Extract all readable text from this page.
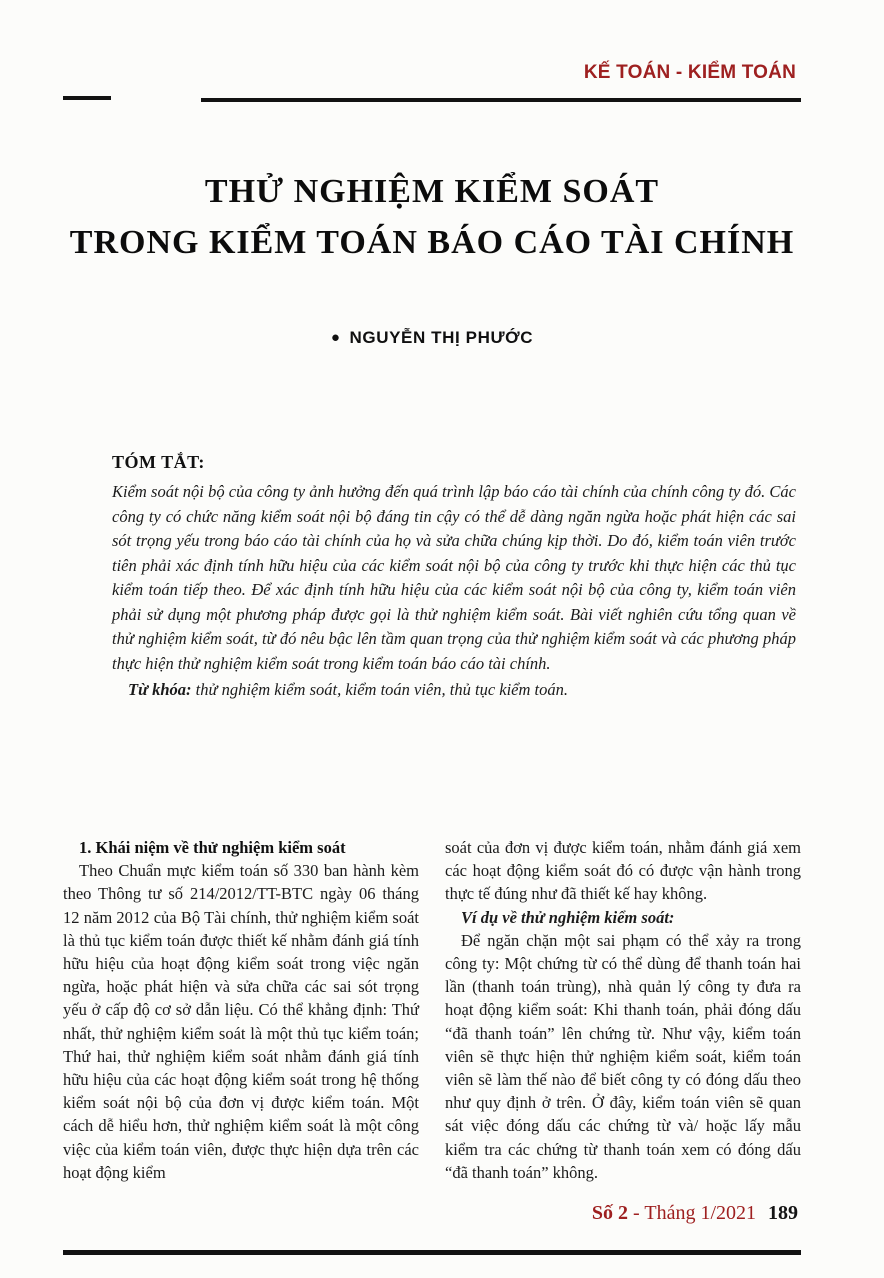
KẾ TOÁN - KIỂM TOÁN
THỬ NGHIỆM KIỂM SOÁT
TRONG KIỂM TOÁN BÁO CÁO TÀI CHÍNH
● NGUYỄN THỊ PHƯỚC
TÓM TẮT:

Kiểm soát nội bộ của công ty ảnh hưởng đến quá trình lập báo cáo tài chính của chính công ty đó. Các công ty có chức năng kiểm soát nội bộ đáng tin cậy có thể dễ dàng ngăn ngừa hoặc phát hiện các sai sót trọng yếu trong báo cáo tài chính của họ và sửa chữa chúng kịp thời. Do đó, kiểm toán viên trước tiên phải xác định tính hữu hiệu của các kiểm soát nội bộ của công ty trước khi thực hiện các thủ tục kiểm toán tiếp theo. Để xác định tính hữu hiệu của các kiểm soát nội bộ của công ty, kiểm toán viên phải sử dụng một phương pháp được gọi là thử nghiệm kiểm soát. Bài viết nghiên cứu tổng quan về thử nghiệm kiểm soát, từ đó nêu bậc lên tầm quan trọng của thử nghiệm kiểm soát và các phương pháp thực hiện thử nghiệm kiểm soát trong kiểm toán báo cáo tài chính.

Từ khóa: thử nghiệm kiểm soát, kiểm toán viên, thủ tục kiểm toán.

1. Khái niệm về thử nghiệm kiểm soát

Theo Chuẩn mực kiểm toán số 330 ban hành kèm theo Thông tư số 214/2012/TT-BTC ngày 06 tháng 12 năm 2012 của Bộ Tài chính, thử nghiệm kiểm soát là thủ tục kiểm toán được thiết kế nhằm đánh giá tính hữu hiệu của hoạt động kiểm soát trong việc ngăn ngừa, hoặc phát hiện và sửa chữa các sai sót trọng yếu ở cấp độ cơ sở dẫn liệu. Có thể khẳng định: Thứ nhất, thử nghiệm kiểm soát là một thủ tục kiểm toán; Thứ hai, thử nghiệm kiểm soát nhằm đánh giá tính hữu hiệu của các hoạt động kiểm soát trong hệ thống kiểm soát nội bộ của đơn vị được kiểm toán. Một cách dễ hiểu hơn, thử nghiệm kiểm soát là một công việc của kiểm toán viên, được thực hiện dựa trên các hoạt động kiểm

soát của đơn vị được kiểm toán, nhằm đánh giá xem các hoạt động kiểm soát đó có được vận hành trong thực tế đúng như đã thiết kế hay không.

Ví dụ về thử nghiệm kiểm soát:

Để ngăn chặn một sai phạm có thể xảy ra trong công ty: Một chứng từ có thể dùng để thanh toán hai lần (thanh toán trùng), nhà quản lý công ty đưa ra hoạt động kiểm soát: Khi thanh toán, phải đóng dấu “đã thanh toán” lên chứng từ. Như vậy, kiểm toán viên sẽ thực hiện thử nghiệm kiểm soát, kiểm toán viên sẽ làm thế nào để biết công ty có đóng dấu theo như quy định ở trên. Ở đây, kiểm toán viên sẽ quan sát việc đóng dấu các chứng từ và/ hoặc lấy mẫu kiểm tra các chứng từ thanh toán xem có đóng dấu “đã thanh toán” không.

Số 2 - Tháng 1/2021 189
